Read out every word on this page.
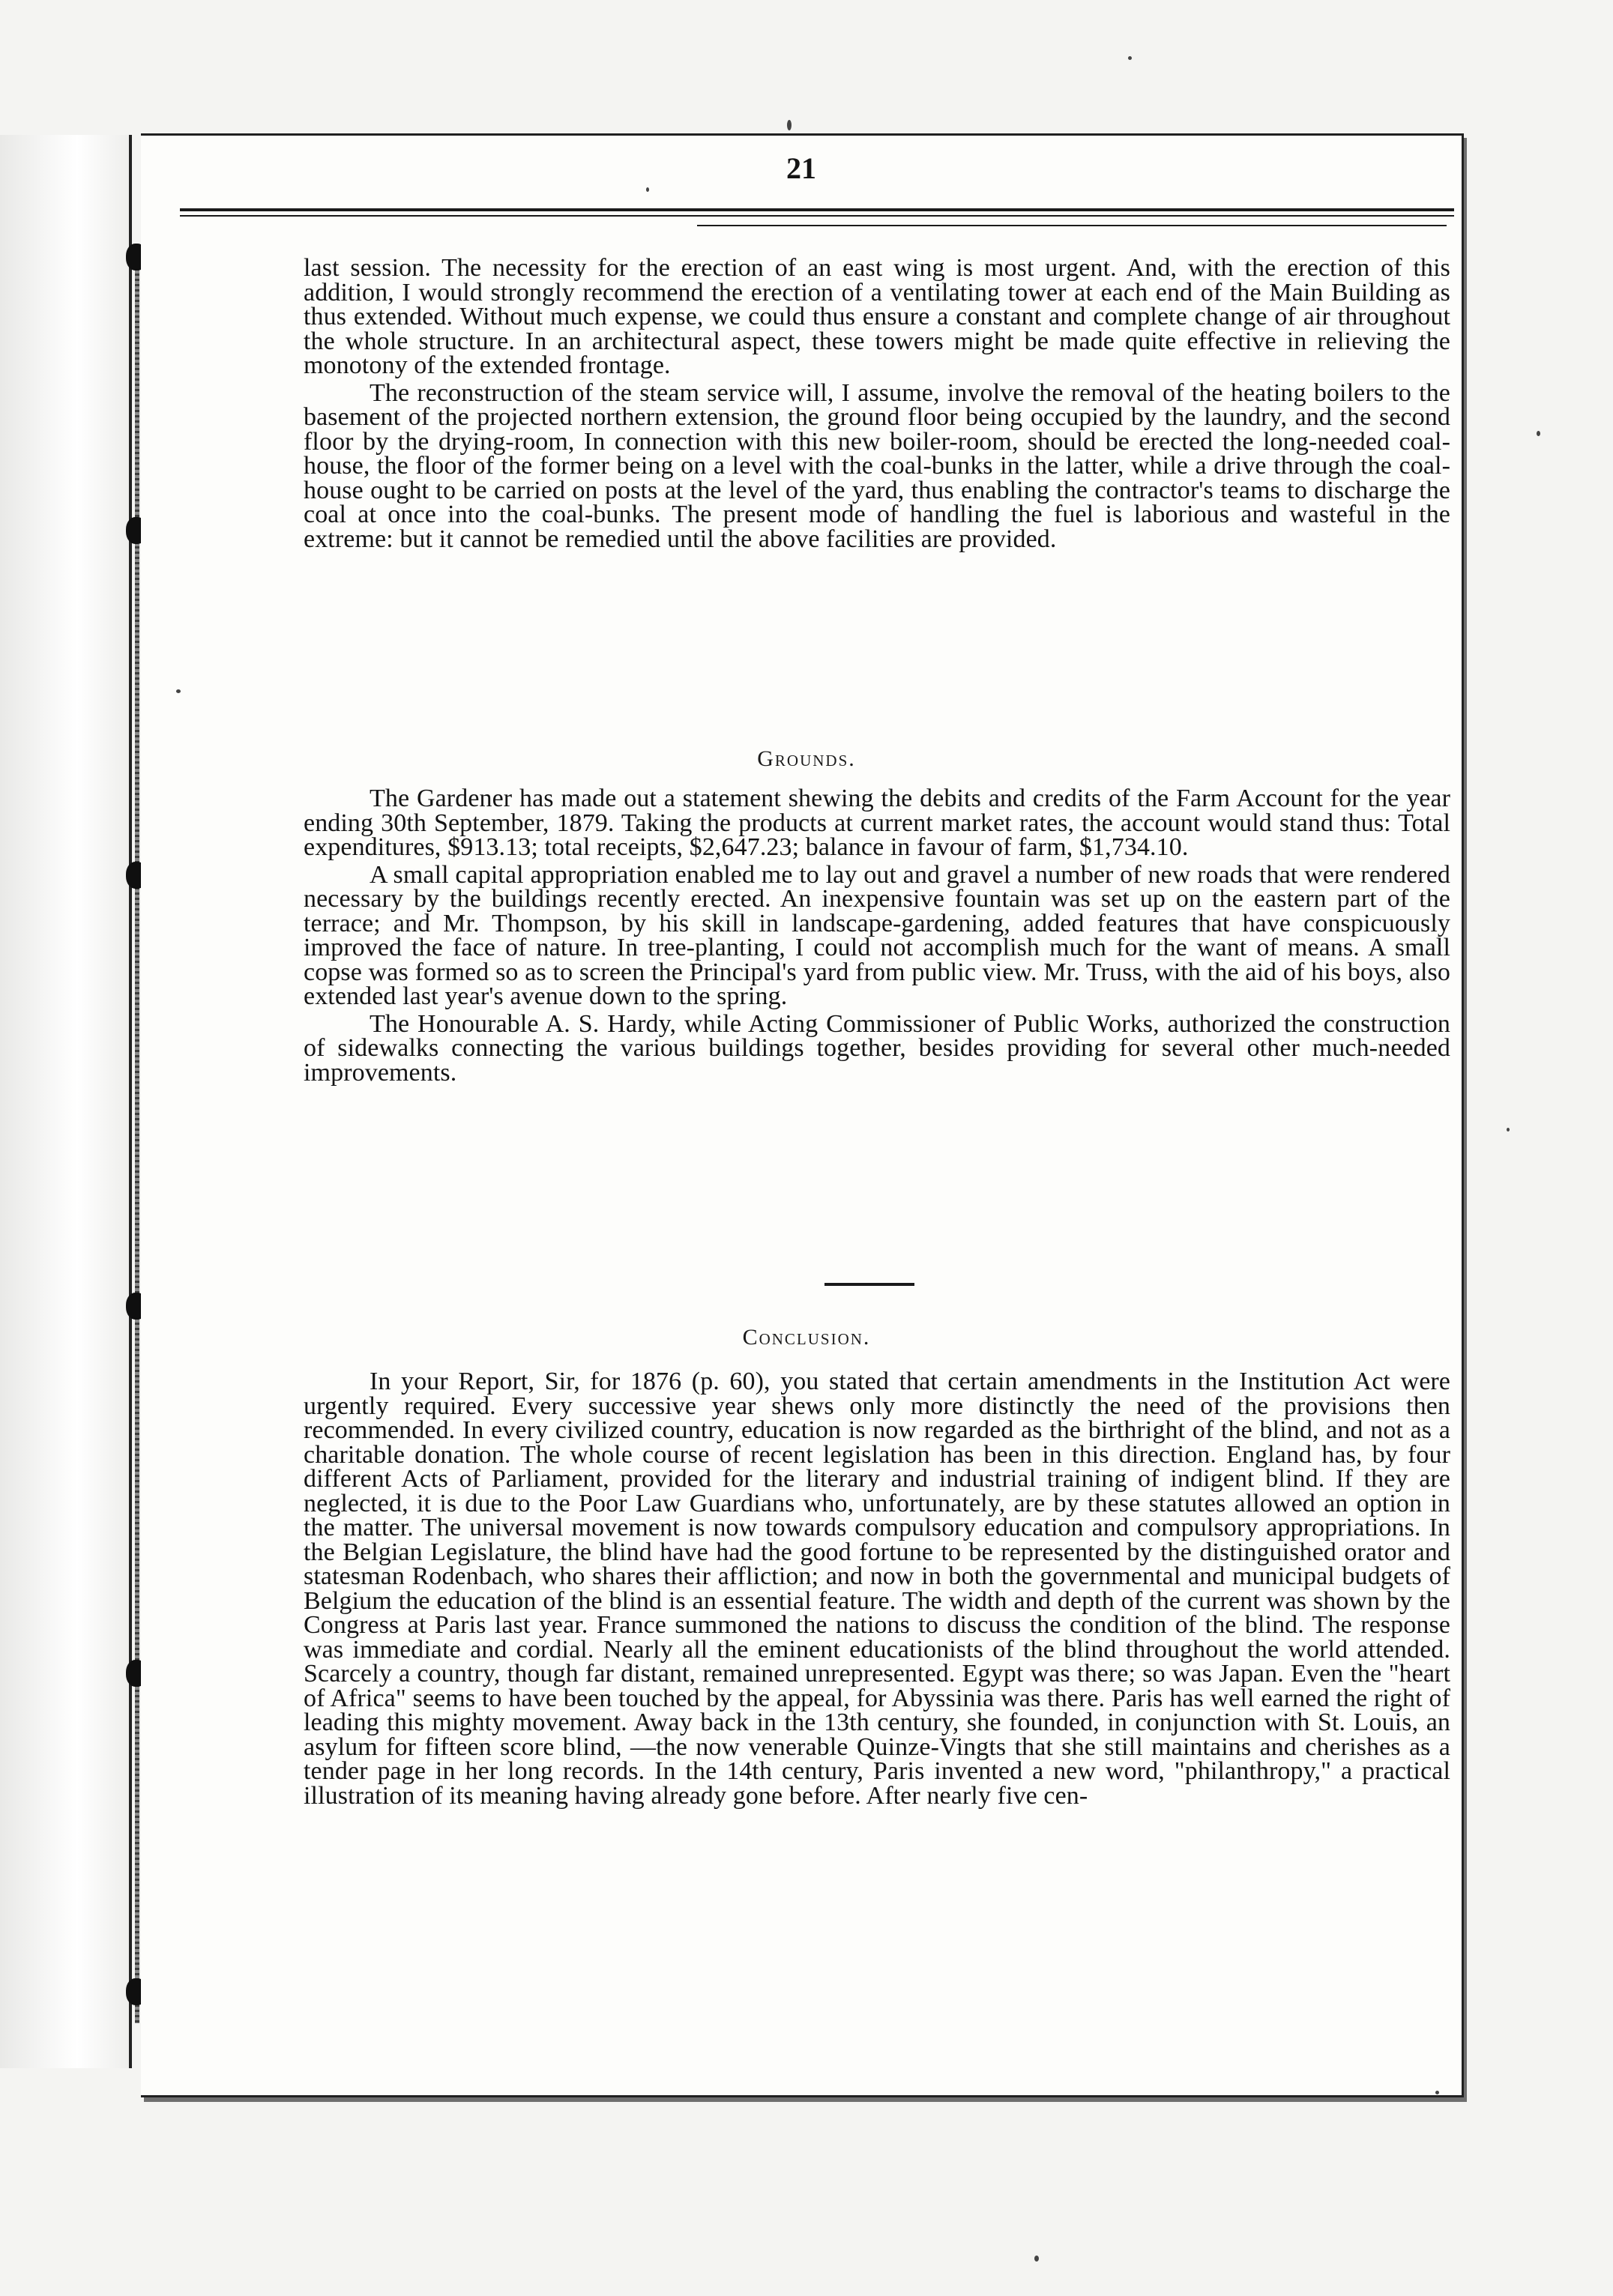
21

last session. The necessity for the erection of an east wing is most urgent. And, with the erection of this addition, I would strongly recommend the erection of a ventilating tower at each end of the Main Building as thus extended. Without much expense, we could thus ensure a constant and complete change of air throughout the whole structure. In an architectural aspect, these towers might be made quite effective in relieving the monotony of the extended frontage.

The reconstruction of the steam service will, I assume, involve the removal of the heating boilers to the basement of the projected northern extension, the ground floor being occupied by the laundry, and the second floor by the drying-room, In connection with this new boiler-room, should be erected the long-needed coal-house, the floor of the former being on a level with the coal-bunks in the latter, while a drive through the coal-house ought to be carried on posts at the level of the yard, thus enabling the contractor's teams to discharge the coal at once into the coal-bunks. The present mode of handling the fuel is laborious and wasteful in the extreme: but it cannot be remedied until the above facilities are provided.

Grounds.

The Gardener has made out a statement shewing the debits and credits of the Farm Account for the year ending 30th September, 1879. Taking the products at current market rates, the account would stand thus: Total expenditures, $913.13; total receipts, $2,647.23; balance in favour of farm, $1,734.10.

A small capital appropriation enabled me to lay out and gravel a number of new roads that were rendered necessary by the buildings recently erected. An inexpensive fountain was set up on the eastern part of the terrace; and Mr. Thompson, by his skill in landscape-gardening, added features that have conspicuously improved the face of nature. In tree-planting, I could not accomplish much for the want of means. A small copse was formed so as to screen the Principal's yard from public view. Mr. Truss, with the aid of his boys, also extended last year's avenue down to the spring.

The Honourable A. S. Hardy, while Acting Commissioner of Public Works, authorized the construction of sidewalks connecting the various buildings together, besides providing for several other much-needed improvements.

Conclusion.

In your Report, Sir, for 1876 (p. 60), you stated that certain amendments in the Institution Act were urgently required. Every successive year shews only more distinctly the need of the provisions then recommended. In every civilized country, education is now regarded as the birthright of the blind, and not as a charitable donation. The whole course of recent legislation has been in this direction. England has, by four different Acts of Parliament, provided for the literary and industrial training of indigent blind. If they are neglected, it is due to the Poor Law Guardians who, unfortunately, are by these statutes allowed an option in the matter. The universal movement is now towards compulsory education and compulsory appropriations. In the Belgian Legislature, the blind have had the good fortune to be represented by the distinguished orator and statesman Rodenbach, who shares their affliction; and now in both the governmental and municipal budgets of Belgium the education of the blind is an essential feature. The width and depth of the current was shown by the Congress at Paris last year. France summoned the nations to discuss the condition of the blind. The response was immediate and cordial. Nearly all the eminent educationists of the blind throughout the world attended. Scarcely a country, though far distant, remained unrepresented. Egypt was there; so was Japan. Even the "heart of Africa" seems to have been touched by the appeal, for Abyssinia was there. Paris has well earned the right of leading this mighty movement. Away back in the 13th century, she founded, in conjunction with St. Louis, an asylum for fifteen score blind, —the now venerable Quinze-Vingts that she still maintains and cherishes as a tender page in her long records. In the 14th century, Paris invented a new word, "philanthropy," a practical illustration of its meaning having already gone before. After nearly five cen-
